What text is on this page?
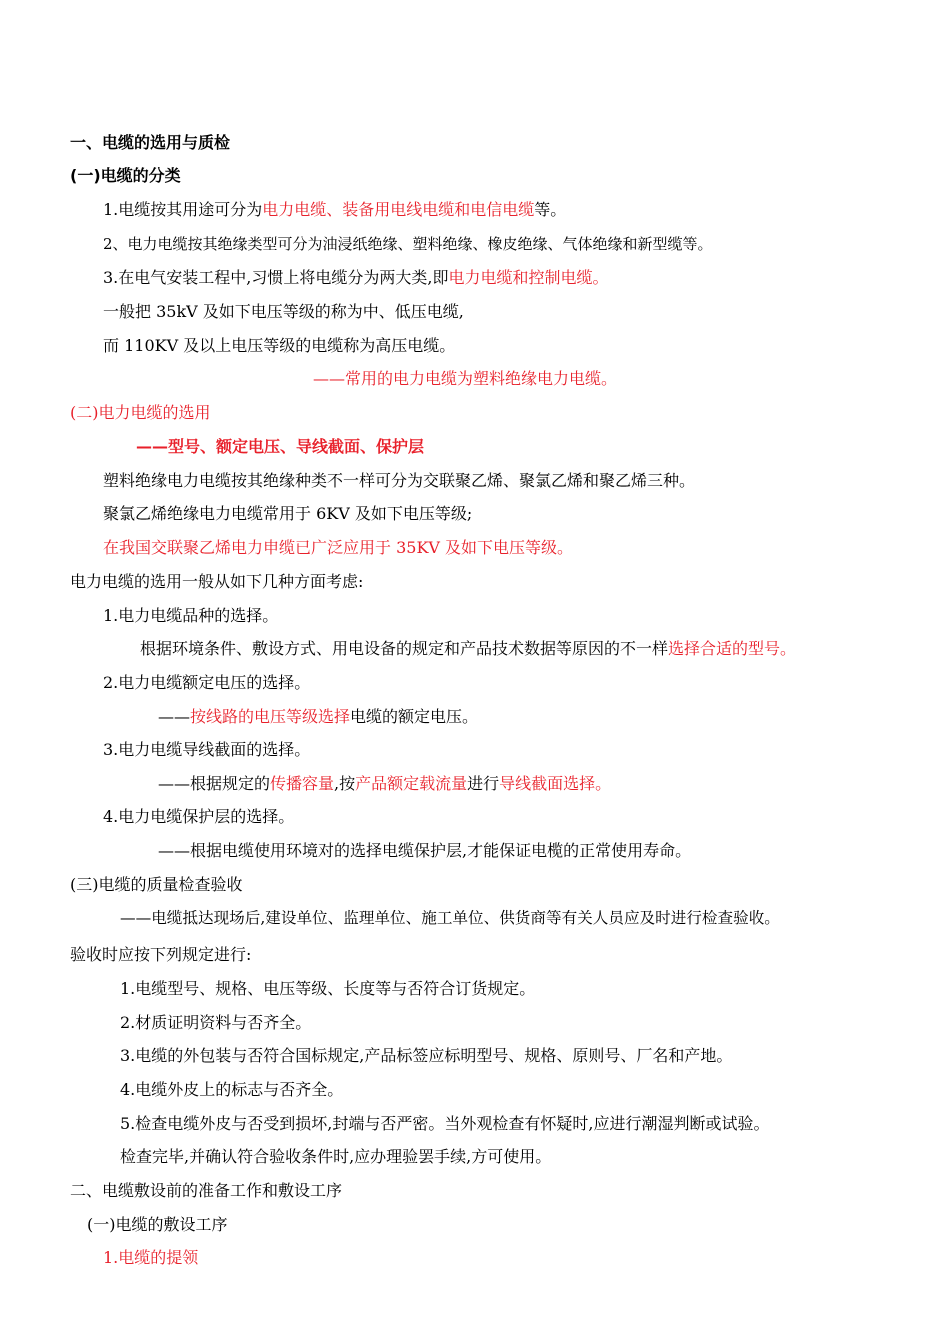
一、电缆的选用与质检
(一)电缆的分类
1.电缆按其用途可分为电力电缆、装备用电线电缆和电信电缆等。
2、电力电缆按其绝缘类型可分为油浸纸绝缘、塑料绝缘、橡皮绝缘、气体绝缘和新型缆等。
3.在电气安装工程中,习惯上将电缆分为两大类,即电力电缆和控制电缆。
一般把 35kV 及如下电压等级的称为中、低压电缆,
而 110KV 及以上电压等级的电缆称为高压电缆。
——常用的电力电缆为塑料绝缘电力电缆。
(二)电力电缆的选用
——型号、额定电压、导线截面、保护层
塑料绝缘电力电缆按其绝缘种类不一样可分为交联聚乙烯、聚氯乙烯和聚乙烯三种。
聚氯乙烯绝缘电力电缆常用于 6KV 及如下电压等级;
在我国交联聚乙烯电力申缆已广泛应用于 35KV 及如下电压等级。
电力电缆的选用一般从如下几种方面考虑:
1.电力电缆品种的选择。
根据环境条件、敷设方式、用电设备的规定和产品技术数据等原因的不一样选择合适的型号。
2.电力电缆额定电压的选择。
——按线路的电压等级选择电缆的额定电压。
3.电力电缆导线截面的选择。
——根据规定的传播容量,按产品额定载流量进行导线截面选择。
4.电力电缆保护层的选择。
——根据电缆使用环境对的选择电缆保护层,才能保证电榄的正常使用寿命。
(三)电缆的质量检查验收
——电缆抵达现场后,建设单位、监理单位、施工单位、供货商等有关人员应及时进行检查验收。
验收时应按下列规定进行:
1.电缆型号、规格、电压等级、长度等与否符合订货规定。
2.材质证明资料与否齐全。
3.电缆的外包装与否符合国标规定,产品标签应标明型号、规格、原则号、厂名和产地。
4.电缆外皮上的标志与否齐全。
5.检查电缆外皮与否受到损坏,封端与否严密。当外观检查有怀疑时,应进行潮湿判断或试验。
检查完毕,并确认符合验收条件时,应办理验罢手续,方可使用。
二、电缆敷设前的准备工作和敷设工序
(一)电缆的敷设工序
1.电缆的提领
